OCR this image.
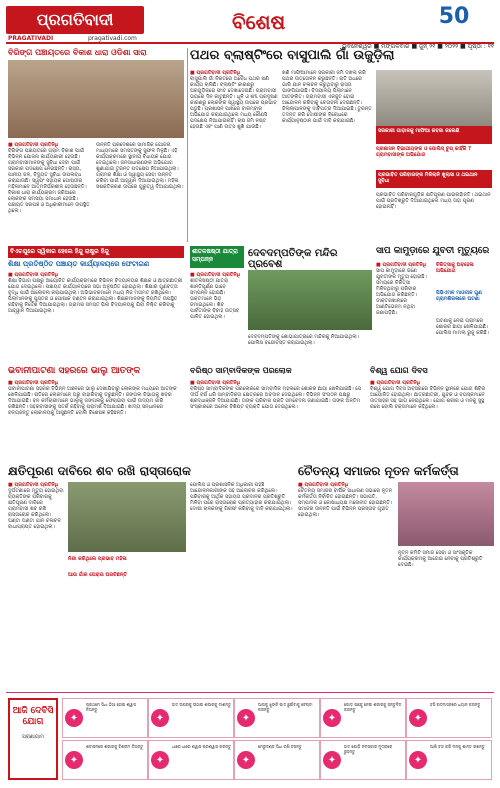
ପ୍ରଗତିବାଦୀ
PRAGATIVADI	pragativadi.com
ବିଶେଷ	50
ଭୁବନେଶ୍ୱର ■ ମଙ୍ଗଳବାର ■ ଜୁନ୍ ୨୧ ■ ୨୦୨୨ ■ ପୃଷ୍ଠା : ୧୧
ବିରିଙ୍ଗ ପଞ୍ଚାୟତରେ ବିକାଶ ଧାରା ଓଡିଶା ସାରା

■ ପ୍ରଗତିବାଦୀ ପ୍ରତିନିଧି

ବିରିଙ୍ଗ ପଞ୍ଚାୟତରେ ଗ୍ରାମ ବିକାଶ ପାଇଁ ବିଭିନ୍ନ ଯୋଜନା କାର୍ଯ୍ୟକାରୀ ହେଉଛି। ଗ୍ରାମବାସୀମାନଙ୍କୁ ସୁବିଧା ଦେବା ପାଇଁ ସରକାର ପଦକ୍ଷେପ ନେଇଛନ୍ତି। ରାସ୍ତା, ପାନୀୟ ଜଳ, ବିଦ୍ୟୁତ ସୁବିଧା ଉପଲବ୍ଧ କରାଯାଉଛି। ସ୍ୱୟଂ ସହାୟକ ଗୋଷ୍ଠୀର ମହିଳାମାନେ ଆତ୍ମନିର୍ଭରଶୀଳ ହେଉଛନ୍ତି। ବିକାଶ ଧାରା କାର୍ଯ୍ୟକ୍ରମ ଜରିଆରେ ଲୋକଙ୍କ ସମସ୍ୟା ସମାଧାନ ହେଉଛି। ପଞ୍ଚାୟତ ସରପଞ୍ଚ ଓ ଅଧିକାରୀମାନେ ଉପସ୍ଥିତ ଥିଲେ।

ଉନ୍ନତି ପ୍ରଦେଶରେ ସାମାଜିକ ଯୋଜନା ମାଧ୍ୟମରେ ସମସ୍ତଙ୍କୁ ସୁଫଳ ମିଳୁଛି। ଏହି କାର୍ଯ୍ୟକ୍ରମରେ ସ୍ଥାନୀୟ ବିଧାୟକ ଯୋଗ ଦେଇଥିଲେ। ଜନସାଧାରଣଙ୍କ ଅଭିଯୋଗ ଶୁଣାଯାଇ ତୁରନ୍ତ ପଦକ୍ଷେପ ନିଆଯାଇଥିଲା। ଗ୍ରାମର ଶିକ୍ଷା ଓ ସ୍ୱାସ୍ଥ୍ୟ ସେବା ଉନ୍ନତ କରିବା ପାଇଁ ଆହ୍ୱାନ ଦିଆଯାଇଥିଲା। ମହିଳା ସଶକ୍ତିକରଣ ଉପରେ ଗୁରୁତ୍ୱ ଦିଆଯାଇଥିଲା।

ପଥର ବ୍ଲାଷ୍ଟିଂରେ ବାସୁପାଲି ଗାଁ ଉଜୁଡ଼ିଲା
ସରକାରୀ ଗାଡ଼ାଳକୁ ମାଫିଆ କବଜା କଲେଣି
ପ୍ରଶାସନ ବିଭାଗୀୟଙ୍କ ଓ ପୋଲିସ୍ ଚୁପ୍ କାହିଁକି ? ଗ୍ରାମବାସୀଙ୍କ ଅଭିଯୋଗ
ପ୍ରଭାବିତ ପରିବାରଙ୍କ ମିଳିଲାନି ଖୁଲାସା ଓ ଥଇଥାନ ସୁବିଧା

■ ପ୍ରଗତିବାଦୀ ପ୍ରତିନିଧି

ବାସୁପାଲି ଗାଁ ନିକଟରେ ଅବୈଧ ପଥର ଖଣି କାର୍ଯ୍ୟ ଚାଲିଛି। ବ୍ଲାଷ୍ଟିଂ କାରଣରୁ ଘରଗୁଡ଼ିକରେ ଫାଟ ଦେଖାଦେଇଛି। ଗ୍ରାମବାସୀ ଭୟରେ ଦିନ କାଟୁଛନ୍ତି। ଧୂଳି ଓ ଶବ୍ଦ ପ୍ରଦୂଷଣ କାରଣରୁ ଲୋକଙ୍କ ସ୍ୱାସ୍ଥ୍ୟ ଉପରେ ପ୍ରଭାବ ପଡୁଛି। ପ୍ରଶାସନ ପାଖରେ ବାରମ୍ବାର ଅଭିଯୋଗ କରାଯାଇଥିଲେ ମଧ୍ୟ କୌଣସି ପଦକ୍ଷେପ ନିଆଯାଇନାହିଁ। ଚାଷ ଜମି ନଷ୍ଟ ହେଉଛି ଏବଂ ପାଣି ଉତ୍ସ ଶୁଖି ଯାଉଛି।

ଖଣି ମାଫିଆମାନେ ସରକାରୀ ଜମି ଦଖଲ କରି ପଥର ଉତ୍ତୋଳନ କରୁଛନ୍ତି। ରାତି ଅଧରେ ଭାରି ଯାନ ଚଳାଚଳ କରୁଥିବାରୁ ରାସ୍ତା ଭାଙ୍ଗିଯାଇଛି। ବିଦ୍ୟାଳୟ ପିଲାମାନେ ଆତଙ୍କିତ। ଗ୍ରାମବାସୀ ଏକଜୁଟ ହୋଇ ଆନ୍ଦୋଳନ କରିବାକୁ ଚେତାବନୀ ଦେଇଛନ୍ତି। ଜିଲ୍ଲାପାଳଙ୍କୁ ଦାବିପତ୍ର ଦିଆଯାଇଛି। ତୁରନ୍ତ ତଦନ୍ତ କରି ଦୋଷୀଙ୍କ ବିରୋଧରେ କାର୍ଯ୍ୟାନୁଷ୍ଠାନ ପାଇଁ ଦାବି କରାଯାଇଛି।

ପ୍ରଭାବିତ ପରିବାରଗୁଡ଼ିକ କ୍ଷତିପୂରଣ ପାଇନାହାଁନ୍ତି। ଥଇଥାନ ପାଇଁ ପ୍ରତିଶ୍ରୁତି ଦିଆଯାଇଥିଲେ ମଧ୍ୟ ତାହା ପୂରଣ ହୋଇନାହିଁ।

ବିଏଚଯୁରେ ସ୍ୱିକାର ହେଲେ ହିନ୍ଦୁ ରାଷ୍ଟ୍ର ହିନ୍ଦୁ
ଶିକ୍ଷା ପ୍ରତିଷ୍ଠିତ ପଞ୍ଚାୟତ କାର୍ଯ୍ୟାଳୟରେ ଫେଟାଗଣ

■ ପ୍ରଗତିବାଦୀ ପ୍ରତିନିଧି

ଶିକ୍ଷା ବିଭାଗ ପକ୍ଷରୁ ଆୟୋଜିତ କାର୍ଯ୍ୟକ୍ରମରେ ବିଭିନ୍ନ ବିଦ୍ୟାଳୟର ଶିକ୍ଷକ ଓ ଛାତ୍ରଛାତ୍ରୀ ଯୋଗ ଦେଇଥିଲେ। ପଞ୍ଚାୟତ କାର୍ଯ୍ୟାଳୟରେ ସଭା ଅନୁଷ୍ଠିତ ହୋଇଥିଲା। ଶିକ୍ଷାର ଗୁଣବତ୍ତା ବୃଦ୍ଧି ପାଇଁ ଆଲୋଚନା କରାଯାଇଥିଲା। ଅଭିଭାବକମାନେ ମଧ୍ୟ ନିଜ ମତାମତ ରଖିଥିଲେ। ପିଲାମାନଙ୍କୁ ପୁସ୍ତକ ଓ ପୋଷାକ ବଣ୍ଟନ କରାଯାଇଥିଲା। ଶିକ୍ଷକମାନଙ୍କୁ ନିୟମିତ ଉପସ୍ଥିତ ରହିବାକୁ ନିର୍ଦ୍ଦେଶ ଦିଆଯାଇଥିଲା। ଗ୍ରାମର ସମସ୍ତ ପିଲା ବିଦ୍ୟାଳୟକୁ ଯିବା ନିଶ୍ଚିତ କରିବାକୁ ଆହ୍ୱାନ ଦିଆଯାଇଥିଲା।

ଶୀତଳଷଷ୍ଠୀ ଯାତ୍ରା ସମ୍ପନ୍ନ
ଦେବଦମ୍ପତିଙ୍କ ମନ୍ଦିର ପ୍ରବେଶ

■ ପ୍ରଗତିବାଦୀ ପ୍ରତିନିଧି

ଶୀତଳଷଷ୍ଠୀ ଯାତ୍ରା ଶାନ୍ତିପୂର୍ଣ୍ଣ ଭାବେ ସମ୍ପନ୍ନ ହୋଇଛି। ଭକ୍ତମାନେ ଭିଡ଼ ଜମାଇଥିଲେ। ଶିବ ପାର୍ବତୀଙ୍କ ବିବାହ ଉତ୍ସବ ପାଳିତ ହୋଇଥିଲା।

ଦେବଦମ୍ପତିଙ୍କୁ ଶୋଭାଯାତ୍ରାରେ ମନ୍ଦିରକୁ ନିଆଯାଇଥିଲା। ପୋଲିସ ବନ୍ଦୋବସ୍ତ କରାଯାଇଥିଲା।

ସାପ କାମୁଡ଼ାରେ ଯୁବତୀ ମୃତ୍ୟୁରେ

■ ପ୍ରଗତିବାଦୀ ପ୍ରତିନିଧି

ସାପ କାମୁଡ଼ାରେ ଜଣେ ଯୁବତୀଙ୍କ ମୃତ୍ୟୁ ହୋଇଛି। ସମୟରେ ଚିକିତ୍ସା ମିଳିନଥିବାରୁ ପରିବାର ଅଭିଯୋଗ କରିଛନ୍ତି। ଡାକ୍ତରଖାନାରେ ଆଣ୍ଟିଭେନମ ନଥିବା ଜଣାପଡ଼ିଛି।

ଚିକିତ୍ସାକୁ ଅବହେଳା ଅଭିଯୋଗ
ପିଭିଏମଳ ମାଓଦ୍ଦୀଳ ଗୁଣ ଗ୍ରାମଶିରଳାରେ ଘଟଣା

ଘଟଣାକୁ ନେଇ ଗ୍ରାମରେ ଶୋକର ଛାୟା ଖେଳିଯାଇଛି। ପୋଲିସ ମାମଲା ରୁଜୁ କରିଛି।

ଭବାନୀପାଟଣା ସହରରେ ଭାଲୁ ଆତଙ୍କ

■ ପ୍ରଗତିବାଦୀ ପ୍ରତିନିଧି

ଭବାନୀପାଟଣା ସହରର ବିଭିନ୍ନ ଅଞ୍ଚଳରେ ଭାଲୁ ଦେଖାଯିବାରୁ ଲୋକଙ୍କ ମଧ୍ୟରେ ଆତଙ୍କ ଖେଳିଯାଇଛି। ରାତିରେ ଲୋକମାନେ ଘରୁ ବାହାରିବାକୁ ଡରୁଛନ୍ତି। ଜଙ୍ଗଲ ବିଭାଗକୁ ଖବର ଦିଆଯାଇଛି। ବନ କର୍ମଚାରୀମାନେ ଭାଲୁକୁ ଜଙ୍ଗଲକୁ ଫେରାଇବା ପାଇଁ ଉଦ୍ୟମ ଜାରି ରଖିଛନ୍ତି। ସହରବାସୀଙ୍କୁ ସତର୍କ ରହିବାକୁ ପରାମର୍ଶ ଦିଆଯାଇଛି। ଖାଦ୍ୟ ସନ୍ଧାନରେ ବନ୍ୟଜନ୍ତୁ ଲୋକାଳୟକୁ ଆସୁଛନ୍ତି ବୋଲି ବିଶେଷଜ୍ଞ କହିଛନ୍ତି।

ବରିଷ୍ଠ ସାମ୍ବାଦିକଙ୍କ ପରଲୋକ

■ ପ୍ରଗତିବାଦୀ ପ୍ରତିନିଧି

ବରିଷ୍ଠ ସାମ୍ବାଦିକଙ୍କ ପରଲୋକରେ ସାମ୍ବାଦିକ ମହଲରେ ଶୋକର ଛାୟା ଖେଳିଯାଇଛି। ସେ ଦୀର୍ଘ ବର୍ଷ ଧରି ସାମ୍ବାଦିକତା କ୍ଷେତ୍ରରେ ଅବଦାନ ଦେଇଥିଲେ। ବିଭିନ୍ନ ସଂଗଠନ ପକ୍ଷରୁ ଶ୍ରଦ୍ଧାଞ୍ଜଳି ଦିଆଯାଇଛି। ତାଙ୍କ ପରିବାର ପ୍ରତି ସମବେଦନା ଜଣାଯାଇଛି। ତାଙ୍କ ଅନ୍ତିମ ସଂସ୍କାରରେ ଅନେକ ବିଶିଷ୍ଟ ବ୍ୟକ୍ତି ଯୋଗ ଦେଇଥିଲେ।

ବିଶ୍ୱ ଯୋଗ ଦିବସ

■ ପ୍ରଗତିବାଦୀ ପ୍ରତିନିଧି

ବିଶ୍ୱ ଯୋଗ ଦିବସ ଅବସରରେ ବିଭିନ୍ନ ସ୍ଥାନରେ ଯୋଗ ଶିବିର ଆୟୋଜିତ ହୋଇଥିଲା। ଛାତ୍ରଛାତ୍ରୀ, ଯୁବକ ଓ ବୟସ୍କମାନେ ଉତ୍ସାହର ସହ ଭାଗ ନେଇଥିଲେ। ଯୋଗ ଶରୀର ଓ ମନକୁ ସୁସ୍ଥ ରଖେ ବୋଲି ବକ୍ତାମାନେ କହିଥିଲେ।

କ୍ଷତିପୂରଣ ଦାବିରେ ଶବ ରଖି ରାସ୍ତାରୋକ

■ ପ୍ରଗତିବାଦୀ ପ୍ରତିନିଧି

ଦୁର୍ଘଟଣାରେ ମୃତ୍ୟୁ ହୋଇଥିବା ବ୍ୟକ୍ତିଙ୍କ ପରିବାରକୁ କ୍ଷତିପୂରଣ ଦାବିରେ ଗ୍ରାମବାସୀ ଶବ ରଖି ରାସ୍ତାରୋକ କରିଥିଲେ। ଘଣ୍ଟା ଘଣ୍ଟା ଯାନ ଚଳାଚଳ ବାଧାପ୍ରାପ୍ତ ହୋଇଥିଲା।

ନିନ୍ଦା କରିଥିଲେ ପ୍ରଭାବ ମହିଳା
ଆଉ ଗାଁର ଘେରାଉ ଘରଚିଛନ୍ତି

ପୋଲିସ ଓ ପ୍ରଶାସନିକ ଅଧିକାରୀ ପହଞ୍ଚି ଆନ୍ଦୋଳନକାରୀଙ୍କ ସହ ଆଲୋଚନା କରିଥିଲେ। ପରିବାରକୁ ଆର୍ଥିକ ସହାୟତା ପ୍ରଦାନର ପ୍ରତିଶ୍ରୁତି ମିଳିବା ପରେ ରାସ୍ତାରୋକ ପ୍ରତ୍ୟାହାର କରାଯାଇଥିଲା। ଦୋଷୀ ଚାଳକଙ୍କୁ ଗିରଫ କରିବାକୁ ଦାବି କରାଯାଇଥିଲା।

ଚୈତନ୍ୟ ସମାଜର ନୂତନ କର୍ମକର୍ତ୍ତା

■ ପ୍ରଗତିବାଦୀ ପ୍ରତିନିଧି

ଚୈତନ୍ୟ ସମାଜର ବାର୍ଷିକ ସାଧାରଣ ସଭାରେ ନୂତନ କର୍ମକର୍ତ୍ତା ନିର୍ବାଚିତ ହୋଇଛନ୍ତି। ସଭାପତି, ସମ୍ପାଦକ ଓ କୋଷାଧ୍ୟକ୍ଷ ମନୋନୀତ ହୋଇଛନ୍ତି। ସମାଜର ଉନ୍ନତି ପାଇଁ ବିଭିନ୍ନ ପ୍ରସ୍ତାବ ଗୃହୀତ ହୋଇଥିଲା।

ନୂତନ କମିଟି ସମାଜ ସେବା ଓ ସାଂସ୍କୃତିକ କାର୍ଯ୍ୟକ୍ରମକୁ ଆଗେଇ ନେବାକୁ ପ୍ରତିଶ୍ରୁତି ଦେଇଛି।

ଆଜି ଦେବିସି ଯୋଗ
ପ୍ରାଣାୟାମ
✦
ପ୍ରଥମେ ସିଧା ଠିଆ ହୋଇ ଶ୍ୱାସ ନିଅନ୍ତୁ
✦
ହାତ ଉପରକୁ ଉଠାଇ ଶରୀରକୁ ଟାଣନ୍ତୁ
✦
ଆଗକୁ ଝୁଙ୍କି ପାଦ ଛୁଇଁବାକୁ ଚେଷ୍ଟା କରନ୍ତୁ
✦
ଗୋଡ଼ ପଛକୁ ନେଇ ଶରୀରକୁ ସନ୍ତୁଳିତ କରନ୍ତୁ
✦
ବସି ପଦ୍ମାସନରେ ଧ୍ୟାନ କରନ୍ତୁ
✦
ଶବାସନରେ ଶରୀରକୁ ବିଶ୍ରାମ ଦିଅନ୍ତୁ
✦
ଧୀରେ ଧୀରେ ଶ୍ୱାସ ପ୍ରଶ୍ୱାସ କରନ୍ତୁ
✦
ମେରୁଦଣ୍ଡ ସିଧା ରଖି ବସନ୍ତୁ
✦
ହାତ ଯୋଡ଼ି ନମସ୍କାର ମୁଦ୍ରାରେ ରୁହନ୍ତୁ
✦
ଆଖି ବନ୍ଦ କରି ମନକୁ ଶାନ୍ତ ରଖନ୍ତୁ
